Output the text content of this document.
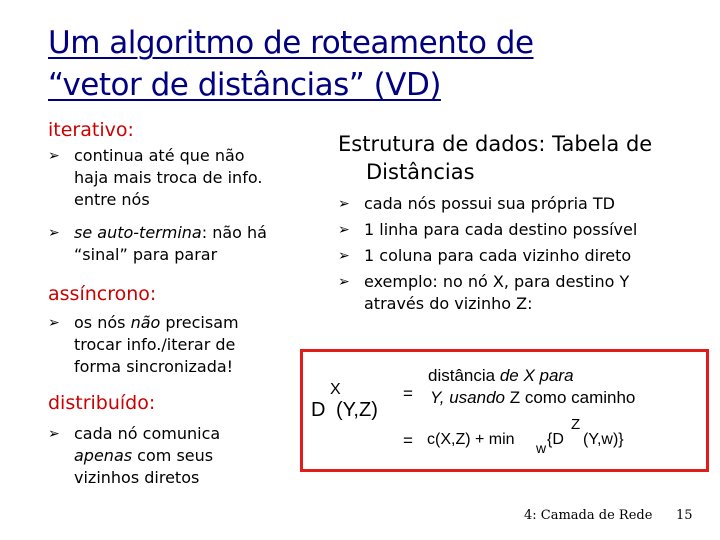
Um algoritmo de roteamento de
“vetor de distâncias” (VD)
iterativo:
➢ continua até que não
haja mais troca de info.
entre nós
➢ se auto-termina: não há
“sinal” para parar
assíncrono:
➢ os nós não precisam
trocar info./iterar de
forma sincronizada!
distribuído:
➢ cada nó comunica
apenas com seus
vizinhos diretos
Estrutura de dados: Tabela de
Distâncias
➢ cada nós possui sua própria TD
➢ 1 linha para cada destino possível
➢ 1 coluna para cada vizinho direto
➢ exemplo: no nó X, para destino Y
através do vizinho Z:
X
D (Y,Z)
=
distância de X para
Y, usando Z como caminho
= c(X,Z) + min w {D
Z
(Y,w)}
4: Camada de Rede 15
